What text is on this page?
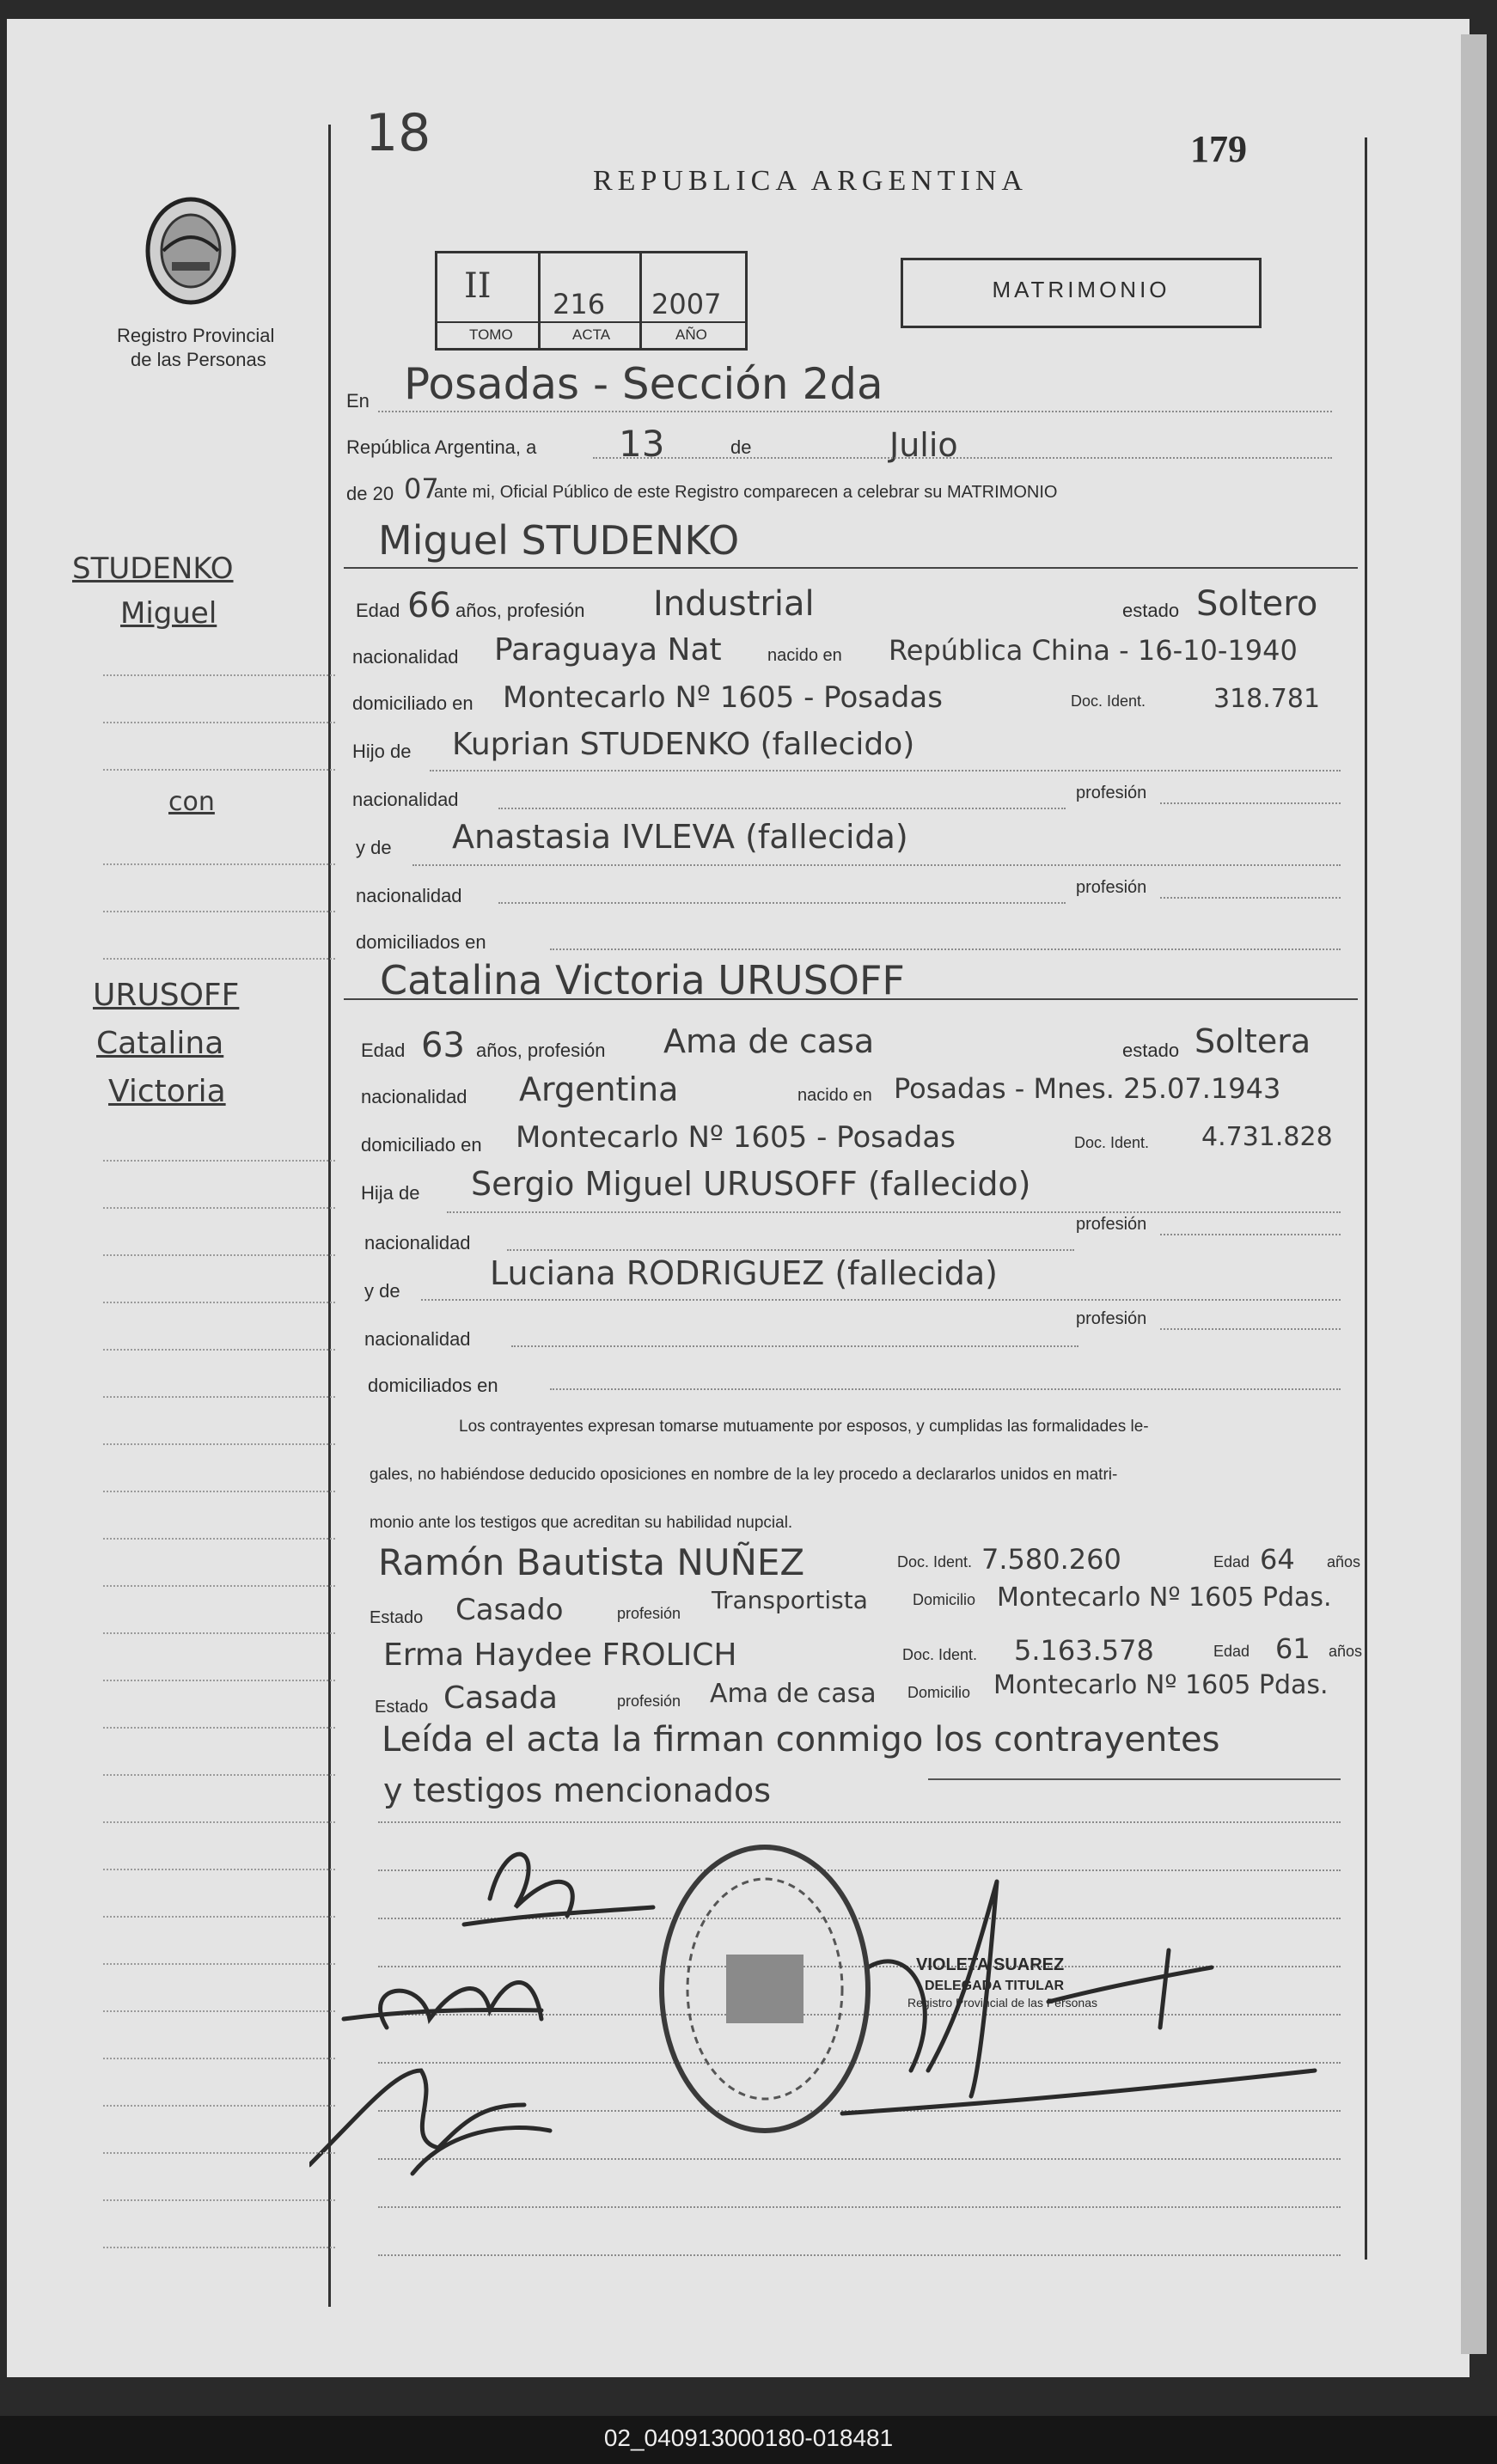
18
REPUBLICA ARGENTINA
179
Registro Provincial
de las Personas
II 216 2007
TOMO	ACTA	AÑO
MATRIMONIO
En Posadas - Sección 2da
República Argentina, a 13	de	Julio
de 20 07
ante mi, Oficial Público de este Registro comparecen a celebrar su MATRIMONIO
Miguel STUDENKO
Edad 66 años, profesión Industrial	estado Soltero
nacionalidad Paraguaya Nat	nacido en República China - 16-10-1940
domiciliado en Montecarlo Nº 1605 - Posadas	Doc. Ident.	318.781
Hijo de Kuprian STUDENKO (fallecido)
nacionalidad	profesión
y de Anastasia IVLEVA (fallecida)
nacionalidad	profesión
domiciliados en
Catalina Victoria URUSOFF
Edad 63 años, profesión Ama de casa	estado Soltera
nacionalidad Argentina	nacido en Posadas - Mnes. 25.07.1943
domiciliado en Montecarlo Nº 1605 - Posadas	Doc. Ident. 4.731.828
Hija de Sergio Miguel URUSOFF (fallecido)
nacionalidad
profesión
y de	Luciana RODRIGUEZ (fallecida)
nacionalidad
profesión
domiciliados en
Los contrayentes expresan tomarse mutuamente por esposos, y cumplidas las formalidades le-
gales, no habiéndose deducido oposiciones en nombre de la ley procedo a declararlos unidos en matri-
monio ante los testigos que acreditan su habilidad nupcial.
Ramón Bautista NUÑEZ	Doc. Ident. 7.580.260	Edad 64 años
Estado Casado	profesión Transportista	Domicilio Montecarlo Nº 1605 Pdas.
Erma Haydee FROLICH	Doc. Ident. 5.163.578	Edad 61 años
Estado Casada	profesión Ama de casa Domicilio Montecarlo Nº 1605 Pdas.
Leída el acta la firman conmigo los contrayentes
y testigos mencionados
VIOLETA SUAREZ
DELEGADA TITULAR
Registro Provincial de las Personas
STUDENKO
Miguel
con
URUSOFF
Catalina
Victoria
02_040913000180-018481
